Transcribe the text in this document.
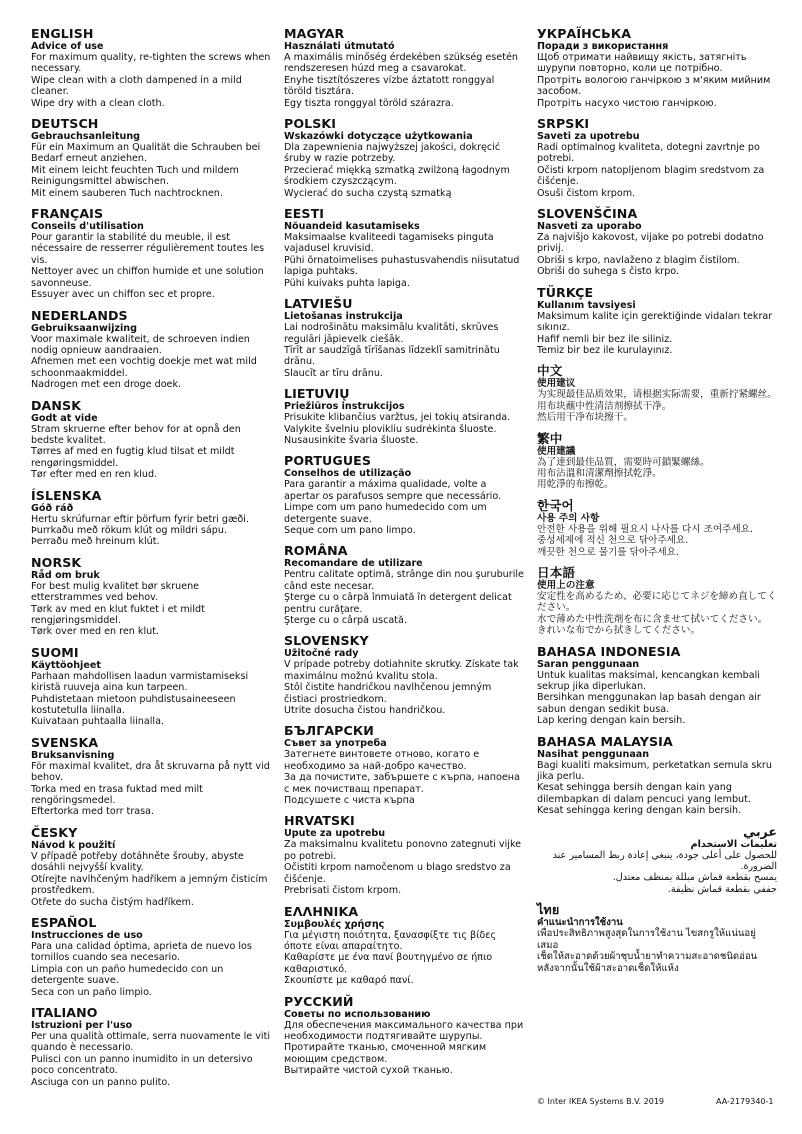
ENGLISH
Advice of use
For maximum quality, re-tighten the screws when necessary.
Wipe clean with a cloth dampened in a mild cleaner.
Wipe dry with a clean cloth.
DEUTSCH
Gebrauchsanleitung
Für ein Maximum an Qualität die Schrauben bei Bedarf erneut anziehen.
Mit einem leicht feuchten Tuch und mildem Reinigungsmittel abwischen.
Mit einem sauberen Tuch nachtrocknen.
FRANÇAIS
Conseils d'utilisation
Pour garantir la stabilité du meuble, il est nécessaire de resserrer régulièrement toutes les vis.
Nettoyer avec un chiffon humide et une solution savonneuse.
Essuyer avec un chiffon sec et propre.
NEDERLANDS
Gebruiksaanwijzing
Voor maximale kwaliteit, de schroeven indien nodig opnieuw aandraaien.
Afnemen met een vochtig doekje met wat mild schoonmaakmiddel.
Nadrogen met een droge doek.
DANSK
Godt at vide
Stram skruerne efter behov for at opnå den bedste kvalitet.
Tørres af med en fugtig klud tilsat et mildt rengøringsmiddel.
Tør efter med en ren klud.
ÍSLENSKA
Góð ráð
Hertu skrúfurnar eftir þörfum fyrir betri gæði.
Þurrkaðu með rökum klút og mildri sápu.
Þerraðu með hreinum klút.
NORSK
Råd om bruk
For best mulig kvalitet bør skruene etterstrammes ved behov.
Tørk av med en klut fuktet i et mildt rengjøringsmiddel.
Tørk over med en ren klut.
SUOMI
Käyttöohjeet
Parhaan mahdollisen laadun varmistamiseksi kiristä ruuveja aina kun tarpeen.
Puhdistetaan mietoon puhdistusaineeseen kostutetulla liinalla.
Kuivataan puhtaalla liinalla.
SVENSKA
Bruksanvisning
För maximal kvalitet, dra åt skruvarna på nytt vid behov.
Torka med en trasa fuktad med milt rengöringsmedel.
Eftertorka med torr trasa.
ČESKY
Návod k použití
V případě potřeby dotáhněte šrouby, abyste dosáhli nejvyšší kvality.
Otírejte navlhčeným hadříkem a jemným čisticím prostředkem.
Otřete do sucha čistým hadříkem.
ESPAÑOL
Instrucciones de uso
Para una calidad óptima, aprieta de nuevo los tornillos cuando sea necesario.
Limpia con un paño humedecido con un detergente suave.
Seca con un paño limpio.
ITALIANO
Istruzioni per l'uso
Per una qualità ottimale, serra nuovamente le viti quando è necessario.
Pulisci con un panno inumidito in un detersivo poco concentrato.
Asciuga con un panno pulito.
MAGYAR
Használati útmutató
A maximális minőség érdekében szükség esetén rendszeresen húzd meg a csavarokat.
Enyhe tisztítószeres vízbe áztatott ronggyal töröld tisztára.
Egy tiszta ronggyal töröld szárazra.
POLSKI
Wskazówki dotyczące użytkowania
Dla zapewnienia najwyższej jakości, dokręcić śruby w razie potrzeby.
Przecierać miękką szmatką zwilżoną łagodnym środkiem czyszczącym.
Wycierać do sucha czystą szmatką
EESTI
Nõuandeid kasutamiseks
Maksimaalse kvaliteedi tagamiseks pinguta vajadusel kruvisid.
Pühi õrnatoimelises puhastusvahendis niisutatud lapiga puhtaks.
Pühi kuivaks puhta lapiga.
LATVIEŠU
Lietošanas instrukcija
Lai nodrošinātu maksimālu kvalitāti, skrūves regulāri jāpievelk ciešāk.
Tīrīt ar saudzīgā tīrīšanas līdzeklī samitrinātu drānu.
Slaucīt ar tīru drānu.
LIETUVIŲ
Priežiūros instrukcijos
Prisukite klibančius varžtus, jei tokių atsiranda.
Valykite švelniu plovikliu sudrėkinta šluoste.
Nusausinkite švaria šluoste.
PORTUGUES
Conselhos de utilização
Para garantir a máxima qualidade, volte a apertar os parafusos sempre que necessário.
Limpe com um pano humedecido com um detergente suave.
Seque com um pano limpo.
ROMÂNA
Recomandare de utilizare
Pentru calitate optimă, strânge din nou şuruburile când este necesar.
Şterge cu o cârpă înmuiată în detergent delicat pentru curăţare.
Şterge cu o cârpă uscată.
SLOVENSKY
Užitočné rady
V prípade potreby dotiahnite skrutky. Získate tak maximálnu možnú kvalitu stola.
Stôl čistite handričkou navlhčenou jemným čistiaci prostriedkom.
Utrite dosucha čistou handričkou.
БЪЛГАРСКИ
Съвет за употреба
Затегнете винтовете отново, когато е необходимо за най-добро качество.
За да почистите, забършете с кърпа, напоена с мек почистващ препарат.
Подсушете с чиста кърпа
HRVATSKI
Upute za upotrebu
Za maksimalnu kvalitetu ponovno zategnuti vijke po potrebi.
Očistiti krpom namočenom u blago sredstvo za čišćenje.
Prebrisati čistom krpom.
ΕΛΛΗΝΙΚΑ
Συμβουλές χρήσης
Για μέγιστη ποιότητα, ξανασφίξτε τις βίδες όποτε είναι απαραίτητο.
Καθαρίστε με ένα πανί βουτηγμένο σε ήπιο καθαριστικό.
Σκουπίστε με καθαρό πανί.
РУССКИЙ
Советы по использованию
Для обеспечения максимального качества при необходимости подтягивайте шурупы.
Протирайте тканью, смоченной мягким моющим средством.
Вытирайте чистой сухой тканью.
УКРАЇНСЬКА
Поради з використання
Щоб отримати найвищу якість, затягніть шурупи повторно, коли це потрібно.
Протріть вологою ганчіркою з м'яким мийним засобом.
Протріть насухо чистою ганчіркою.
SRPSKI
Saveti za upotrebu
Radi optimalnog kvaliteta, dotegni zavrtnje po potrebi.
Očisti krpom natopljenom blagim sredstvom za čišćenje.
Osuši čistom krpom.
SLOVENŠČINA
Nasveti za uporabo
Za najvišjo kakovost, vijake po potrebi dodatno priviј.
Obriši s krpo, navlaženo z blagim čistilom.
Obriši do suhega s čisto krpo.
TÜRKÇE
Kullanım tavsiyesi
Maksimum kalite için gerektiğinde vidaları tekrar sıkınız.
Hafif nemli bir bez ile siliniz.
Temiz bir bez ile kurulayınız.
中文
使用建议
为实现最佳品质效果，请根据实际需要，重新拧紧螺丝。
用布块蘸中性清洁剂擦拭干净。
然后用干净布块擦干。
繁中
使用建議
為了達到最佳品質，需要時可鎖緊螺絲。
用布沾溫和清潔劑擦拭乾淨。
用乾淨的布擦乾。
한국어
사용 주의 사항
안전한 사용을 위해 필요시 나사를 다시 조여주세요.
중성세제에 적신 천으로 닦아주세요.
깨끗한 천으로 물기를 닦아주세요.
日本語
使用上の注意
安定性を高めるため、必要に応じてネジを締め直してください。
水で薄めた中性洗剤を布に含ませて拭いてください。
きれいな布でから拭きしてください。
BAHASA INDONESIA
Saran penggunaan
Untuk kualitas maksimal, kencangkan kembali sekrup jika diperlukan.
Bersihkan menggunakan lap basah dengan air sabun dengan sedikit busa.
Lap kering dengan kain bersih.
BAHASA MALAYSIA
Nasihat penggunaan
Bagi kualiti maksimum, perketatkan semula skru jika perlu.
Kesat sehingga bersih dengan kain yang dilembapkan di dalam pencuci yang lembut.
Kesat sehingga kering dengan kain bersih.
عربي
تعليمات الاستخدام
للحصول على أعلى جودة، ينبغي إعادة ربط المسامير عند الضرورة.
يمسح بقطعة قماش مبللة بمنظف معتدل.
جففي بقطعة قماش نظيفة.
ไทย
คำแนะนำการใช้งาน
เพื่อประสิทธิภาพสูงสุดในการใช้งาน ไขสกรูให้แน่นอยู่เสมอ
เช็ดให้สะอาดด้วยผ้าชุบน้ำยาทำความสะอาดชนิดอ่อน
หลังจากนั้นใช้ผ้าสะอาดเช็ดให้แห้ง
© Inter IKEA Systems B.V. 2019	AA-2179340-1
